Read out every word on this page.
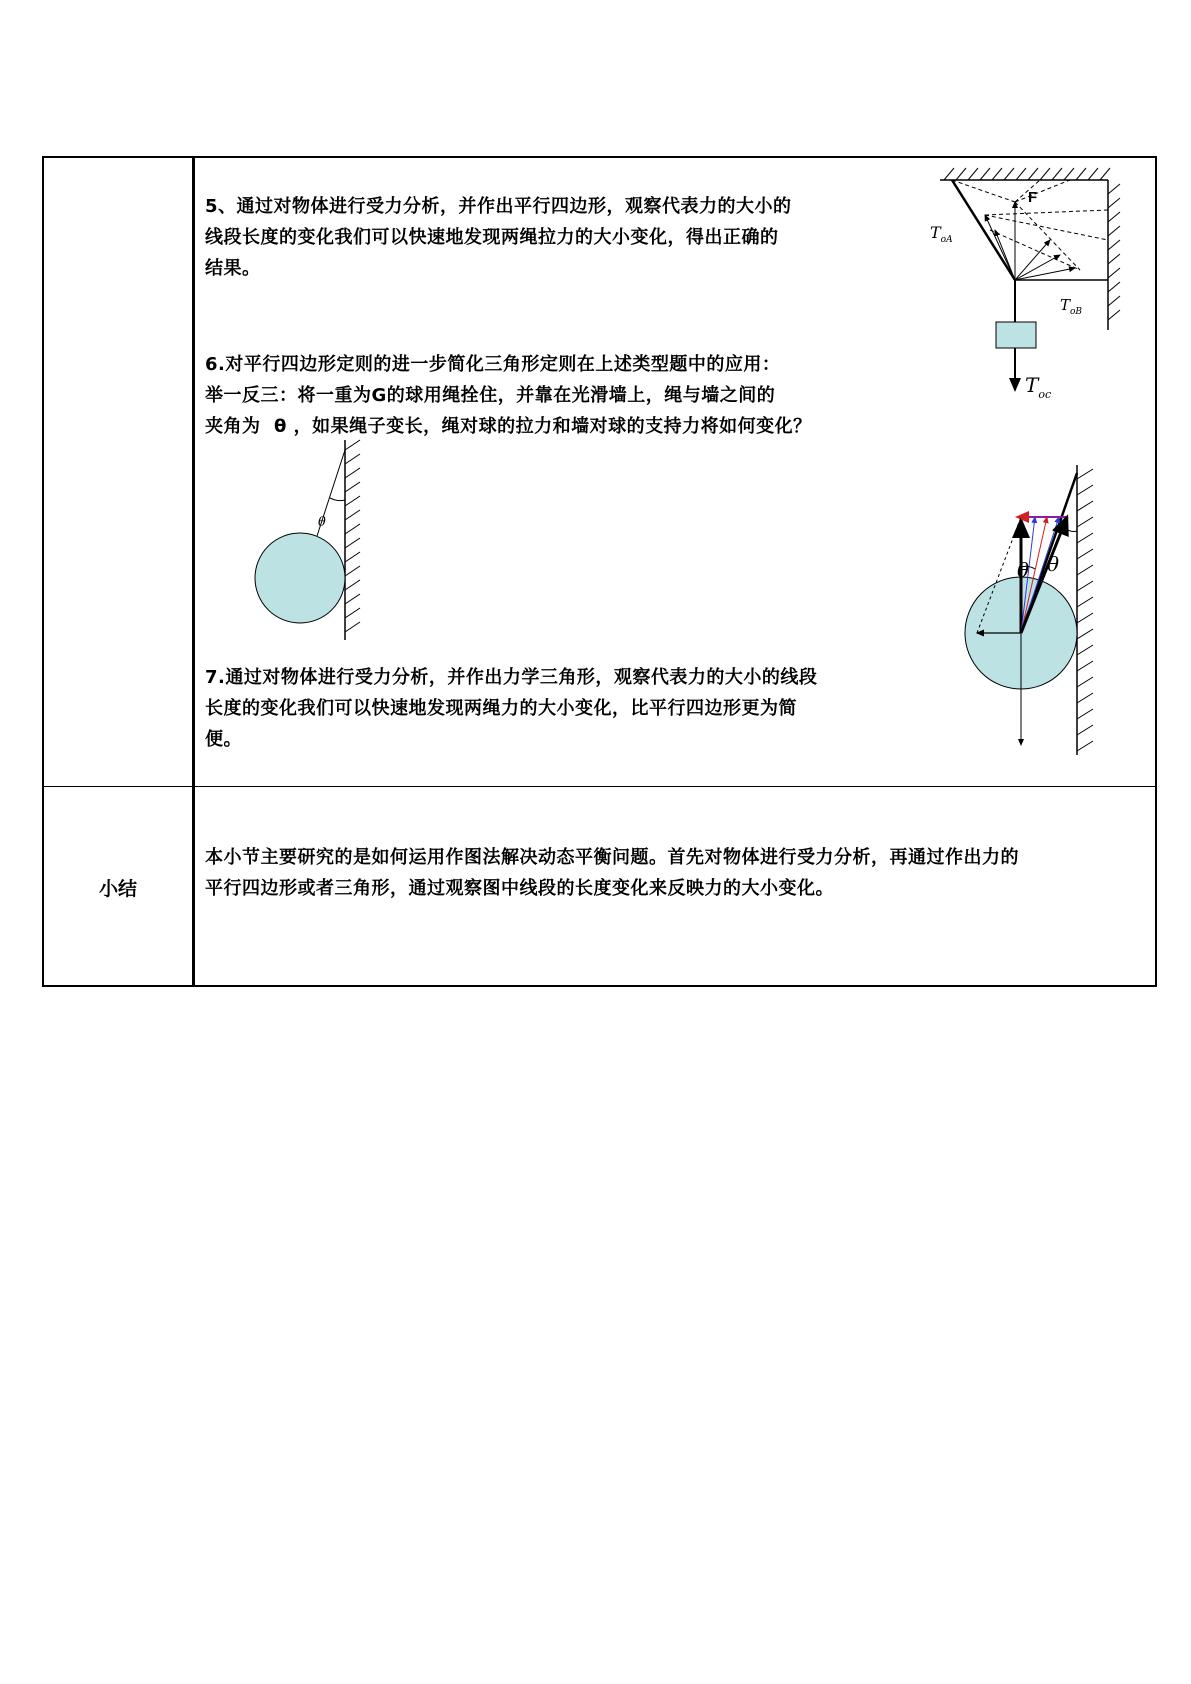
5、通过对物体进行受力分析，并作出平行四边形，观察代表力的大小的
线段长度的变化我们可以快速地发现两绳拉力的大小变化，得出正确的
结果。
6.对平行四边形定则的进一步简化三角形定则在上述类型题中的应用：
举一反三：将一重为G的球用绳拴住，并靠在光滑墙上，绳与墙之间的
夹角为  θ ，如果绳子变长，绳对球的拉力和墙对球的支持力将如何变化？
7.通过对物体进行受力分析，并作出力学三角形，观察代表力的大小的线段
长度的变化我们可以快速地发现两绳力的大小变化，比平行四边形更为简
便。
小结
本小节主要研究的是如何运用作图法解决动态平衡问题。首先对物体进行受力分析，再通过作出力的
平行四边形或者三角形，通过观察图中线段的长度变化来反映力的大小变化。
F
$T_{oA}$
$T_{oB}$
$T_{oc}$
θ
θ θ
